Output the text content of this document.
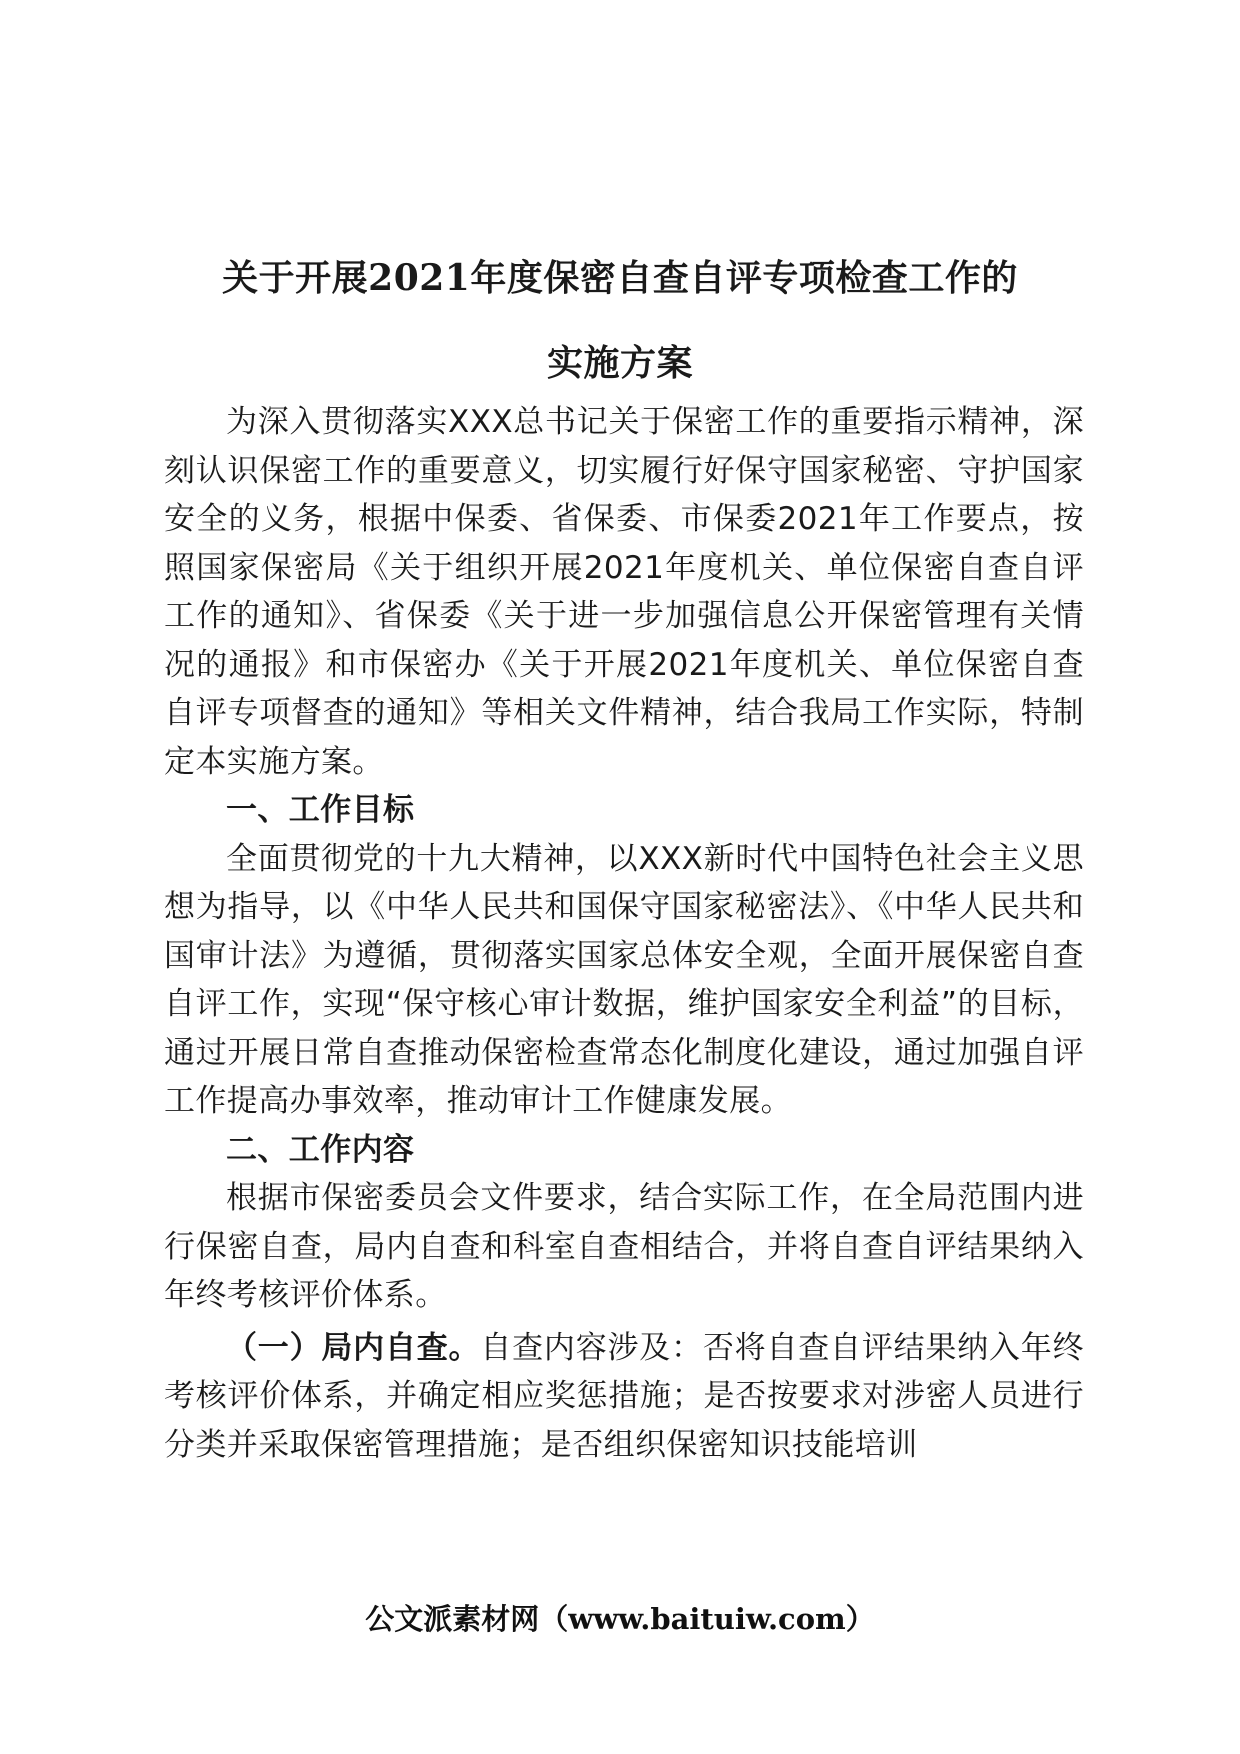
关于开展2021年度保密自查自评专项检查工作的
实施方案

为深入贯彻落实XXX总书记关于保密工作的重要指示精神，深刻认识保密工作的重要意义，切实履行好保守国家秘密、守护国家安全的义务，根据中保委、省保委、市保委2021年工作要点，按照国家保密局《关于组织开展2021年度机关、单位保密自查自评工作的通知》、省保委《关于进一步加强信息公开保密管理有关情况的通报》和市保密办《关于开展2021年度机关、单位保密自查自评专项督查的通知》等相关文件精神，结合我局工作实际，特制定本实施方案。

一、工作目标

全面贯彻党的十九大精神，以XXX新时代中国特色社会主义思想为指导，以《中华人民共和国保守国家秘密法》、《中华人民共和国审计法》为遵循，贯彻落实国家总体安全观，全面开展保密自查自评工作，实现“保守核心审计数据，维护国家安全利益”的目标，通过开展日常自查推动保密检查常态化制度化建设，通过加强自评工作提高办事效率，推动审计工作健康发展。

二、工作内容

根据市保密委员会文件要求，结合实际工作，在全局范围内进行保密自查，局内自查和科室自查相结合，并将自查自评结果纳入年终考核评价体系。

（一）局内自查。自查内容涉及：否将自查自评结果纳入年终考核评价体系，并确定相应奖惩措施；是否按要求对涉密人员进行分类并采取保密管理措施；是否组织保密知识技能培训

公文派素材网（www.baituiw.com）
